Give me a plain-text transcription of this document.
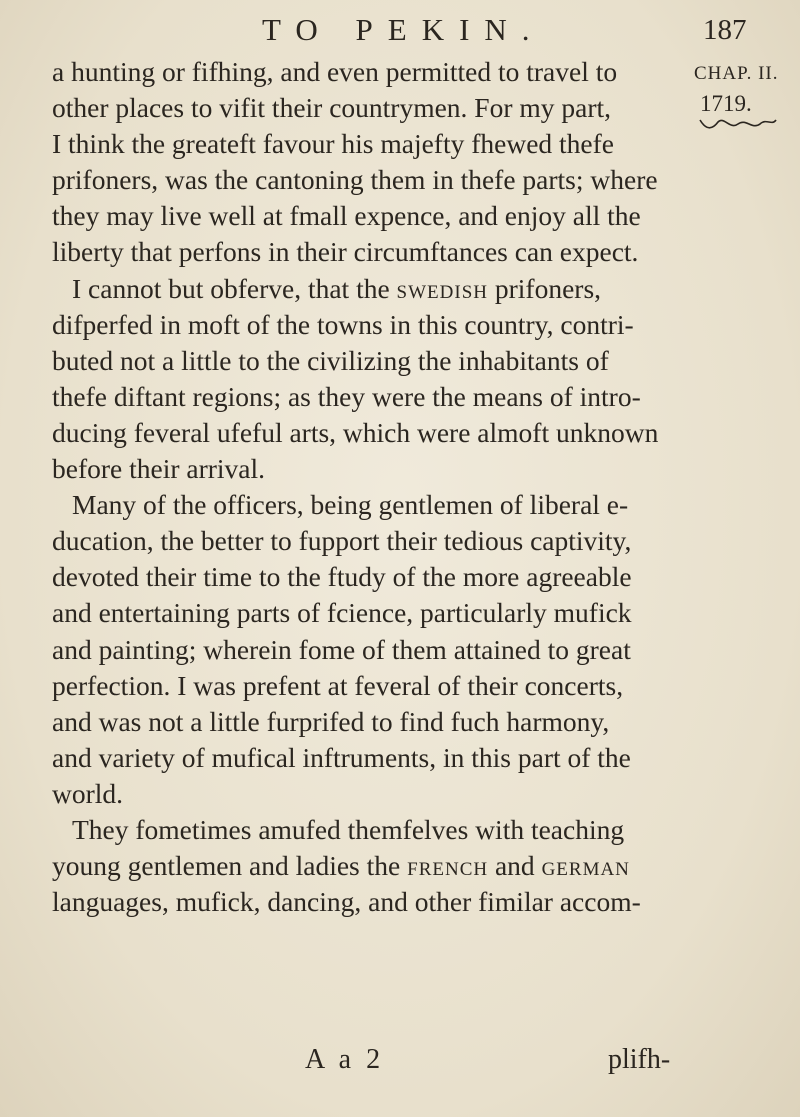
TO PEKIN.	187
CHAP. II.
1719.
a hunting or fifhing, and even permitted to travel to
other places to vifit their countrymen. For my part,
I think the greateft favour his majefty fhewed thefe
prifoners, was the cantoning them in thefe parts; where
they may live well at fmall expence, and enjoy all the
liberty that perfons in their circumftances can expect.
I cannot but obferve, that the swedish prifoners,
difperfed in moft of the towns in this country, contri-
buted not a little to the civilizing the inhabitants of
thefe diftant regions; as they were the means of intro-
ducing feveral ufeful arts, which were almoft unknown
before their arrival.
Many of the officers, being gentlemen of liberal e-
ducation, the better to fupport their tedious captivity,
devoted their time to the ftudy of the more agreeable
and entertaining parts of fcience, particularly mufick
and painting; wherein fome of them attained to great
perfection. I was prefent at feveral of their concerts,
and was not a little furprifed to find fuch harmony,
and variety of mufical inftruments, in this part of the
world.
They fometimes amufed themfelves with teaching
young gentlemen and ladies the french and german
languages, mufick, dancing, and other fimilar accom-
A a 2	plifh-
